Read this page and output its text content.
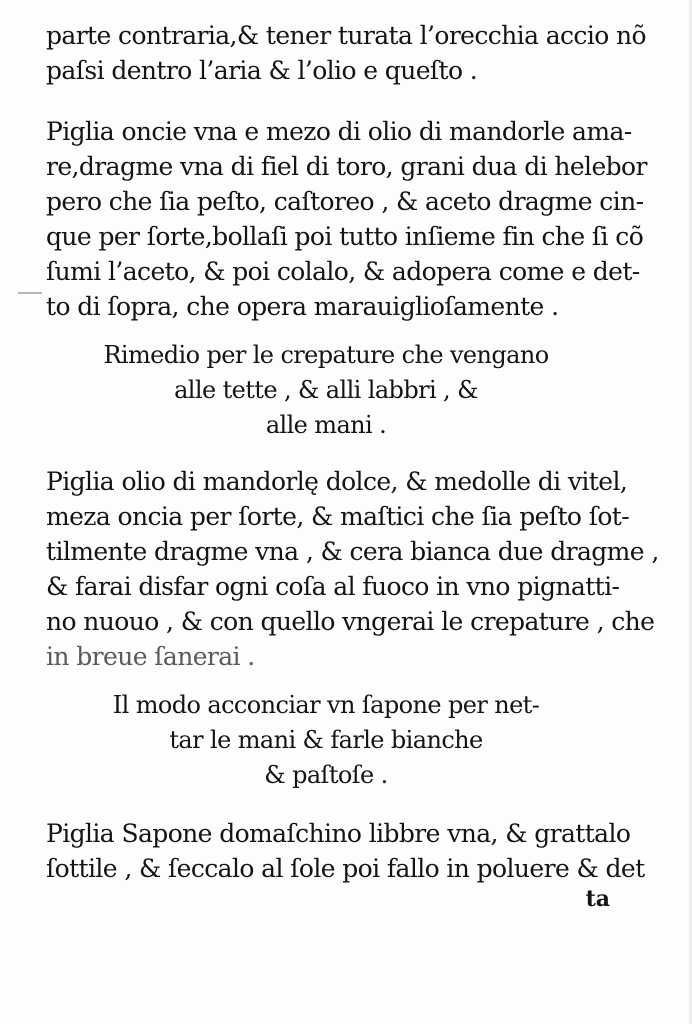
parte contraria,& tener turata l’orecchia accio nõ
paſsi dentro l’aria & l’olio e queſto .
Piglia oncie vna e mezo di olio di mandorle ama-
re,dragme vna di fiel di toro, grani dua di helebor
pero che ſia peſto, caſtoreo , & aceto dragme cin-
que per ſorte,bollaſi poi tutto inſieme fin che ſi cõ
ſumi l’aceto, & poi colalo, & adopera come e det-
to di ſopra, che opera marauiglioſamente .
Rimedio per le crepature che vengano
alle tette , & alli labbri , &
alle mani .
Piglia olio di mandorlę dolce, & medolle di vitel,
meza oncia per ſorte, & maſtici che ſia peſto ſot-
tilmente dragme vna , & cera bianca due dragme ,
& farai disfar ogni coſa al fuoco in vno pignatti-
no nuouo , & con quello vngerai le crepature , che
in breue ſanerai .
Il modo acconciar vn ſapone per net-
tar le mani & farle bianche
& paſtoſe .
Piglia Sapone domaſchino libbre vna, & grattalo
ſottile , & ſeccalo al ſole poi fallo in poluere & det
ta
